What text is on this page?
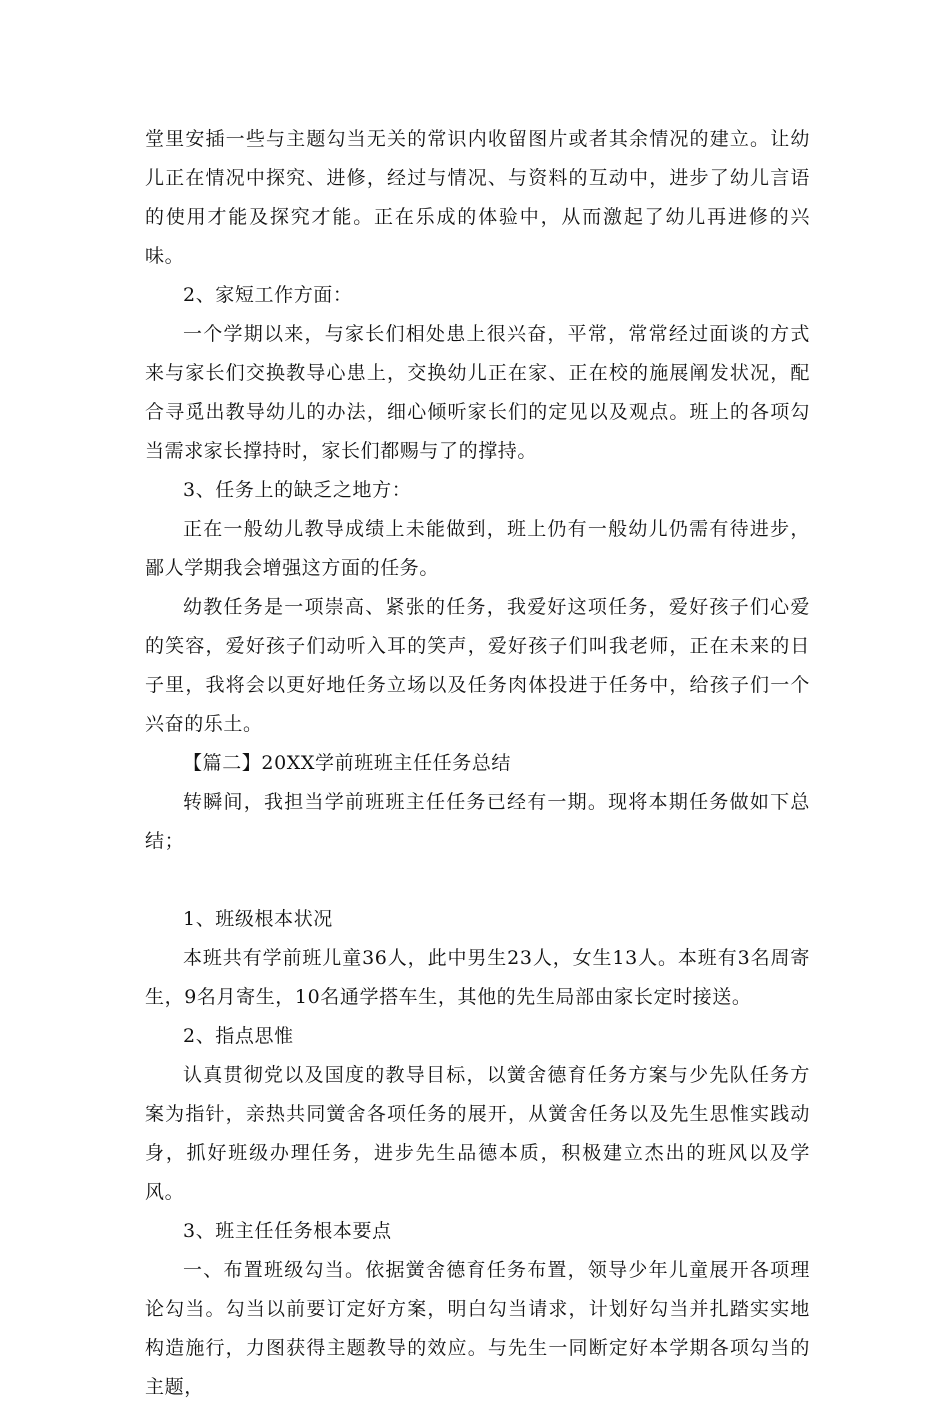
堂里安插一些与主题勾当无关的常识内收留图片或者其余情况的建立。让幼儿正在情况中探究、进修，经过与情况、与资料的互动中，进步了幼儿言语的使用才能及探究才能。正在乐成的体验中，从而激起了幼儿再进修的兴味。

2、家短工作方面：

一个学期以来，与家长们相处患上很兴奋，平常，常常经过面谈的方式来与家长们交换教导心患上，交换幼儿正在家、正在校的施展阐发状况，配合寻觅出教导幼儿的办法，细心倾听家长们的定见以及观点。班上的各项勾当需求家长撑持时，家长们都赐与了的撑持。

3、任务上的缺乏之地方：

正在一般幼儿教导成绩上未能做到，班上仍有一般幼儿仍需有待进步，鄙人学期我会增强这方面的任务。

幼教任务是一项崇高、紧张的任务，我爱好这项任务，爱好孩子们心爱的笑容，爱好孩子们动听入耳的笑声，爱好孩子们叫我老师，正在未来的日子里，我将会以更好地任务立场以及任务肉体投进于任务中，给孩子们一个兴奋的乐土。

【篇二】20XX学前班班主任任务总结

转瞬间，我担当学前班班主任任务已经有一期。现将本期任务做如下总结；

1、班级根本状况

本班共有学前班儿童36人，此中男生23人，女生13人。本班有3名周寄生，9名月寄生，10名通学搭车生，其他的先生局部由家长定时接送。

2、指点思惟

认真贯彻党以及国度的教导目标，以黉舍德育任务方案与少先队任务方案为指针，亲热共同黉舍各项任务的展开，从黉舍任务以及先生思惟实践动身，抓好班级办理任务，进步先生品德本质，积极建立杰出的班风以及学风。

3、班主任任务根本要点

一、布置班级勾当。依据黉舍德育任务布置，领导少年儿童展开各项理论勾当。勾当以前要订定好方案，明白勾当请求，计划好勾当并扎踏实实地构造施行，力图获得主题教导的效应。与先生一同断定好本学期各项勾当的主题，
